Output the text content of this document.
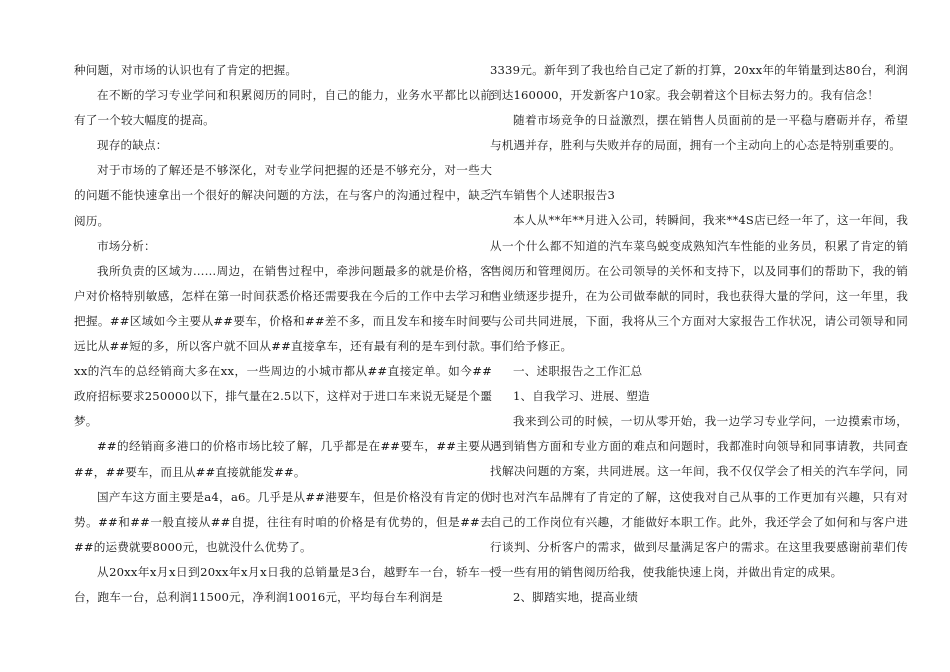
种问题，对市场的认识也有了肯定的把握。

在不断的学习专业学问和积累阅历的同时，自己的能力，业务水平都比以前有了一个较大幅度的提高。

现存的缺点：

对于市场的了解还是不够深化，对专业学问把握的还是不够充分，对一些大的问题不能快速拿出一个很好的解决问题的方法，在与客户的沟通过程中，缺乏阅历。

市场分析：

我所负责的区域为……周边，在销售过程中，牵涉问题最多的就是价格，客户对价格特别敏感，怎样在第一时间获悉价格还需要我在今后的工作中去学习和把握。##区域如今主要从##要车，价格和##差不多，而且发车和接车时间要远比从##短的多，所以客户就不回从##直接拿车，还有最有利的是车到付款。xx的汽车的总经销商大多在xx，一些周边的小城市都从##直接定单。如今##政府招标要求250000以下，排气量在2.5以下，这样对于进口车来说无疑是个噩梦。

##的经销商多港口的价格市场比较了解，几乎都是在##要车，##主要从##，##要车，而且从##直接就能发##。

国产车这方面主要是a4，a6。几乎是从##港要车，但是价格没有肯定的优势。##和##一般直接从##自提，往往有时咱的价格是有优势的，但是##去##的运费就要8000元，也就没什么优势了。

从20xx年x月x日到20xx年x月x日我的总销量是3台，越野车一台，轿车一台，跑车一台，总利润11500元，净利润10016元，平均每台车利润是

3339元。新年到了我也给自己定了新的打算，20xx年的年销量到达80台，利润到达160000，开发新客户10家。我会朝着这个目标去努力的。我有信念！

随着市场竞争的日益激烈，摆在销售人员面前的是一平稳与磨砺并存，希望与机遇并存，胜利与失败并存的局面，拥有一个主动向上的心态是特别重要的。

汽车销售个人述职报告3

本人从**年**月进入公司，转瞬间，我来**4S店已经一年了，这一年间，我从一个什么都不知道的汽车菜鸟蜕变成熟知汽车性能的业务员，积累了肯定的销售阅历和管理阅历。在公司领导的关怀和支持下，以及同事们的帮助下，我的销售业绩逐步提升，在为公司做奉献的同时，我也获得大量的学问，这一年里，我与公司共同进展，下面，我将从三个方面对大家报告工作状况，请公司领导和同事们给予修正。

一、述职报告之工作汇总

1、自我学习、进展、塑造

我来到公司的时候，一切从零开始，我一边学习专业学问，一边摸索市场，遇到销售方面和专业方面的难点和问题时，我都准时向领导和同事请教，共同查找解决问题的方案，共同进展。这一年间，我不仅仅学会了相关的汽车学问，同时也对汽车品牌有了肯定的了解，这使我对自己从事的工作更加有兴趣，只有对自己的工作岗位有兴趣，才能做好本职工作。此外，我还学会了如何和与客户进行谈判、分析客户的需求，做到尽量满足客户的需求。在这里我要感谢前辈们传授一些有用的销售阅历给我，使我能快速上岗，并做出肯定的成果。

2、脚踏实地，提高业绩
